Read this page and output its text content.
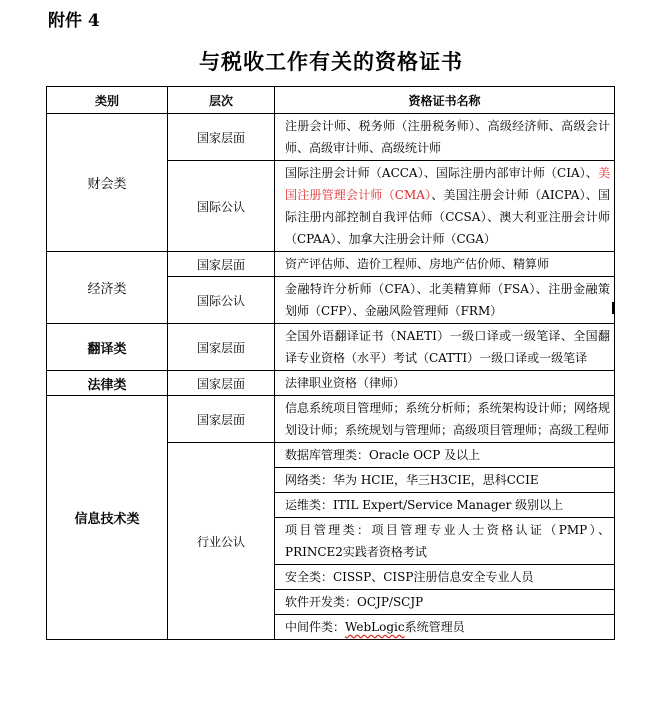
附件 4
与税收工作有关的资格证书
类别	层次	资格证书名称
财会类	国家层面	注册会计师、税务师（注册税务师）、高级经济师、高级会计师、高级审计师、高级统计师
	国际公认	国际注册会计师（ACCA）、国际注册内部审计师（CIA）、美国注册管理会计师（CMA）、美国注册会计师（AICPA）、国际注册内部控制自我评估师（CCSA）、澳大利亚注册会计师（CPAA）、加拿大注册会计师（CGA）
经济类	国家层面	资产评估师、造价工程师、房地产估价师、精算师
	国际公认	金融特许分析师（CFA）、北美精算师（FSA）、注册金融策划师（CFP）、金融风险管理师（FRM）
翻译类	国家层面	全国外语翻译证书（NAETI）一级口译或一级笔译、全国翻译专业资格（水平）考试（CATTI）一级口译或一级笔译
法律类	国家层面	法律职业资格（律师）
信息技术类	国家层面	信息系统项目管理师；系统分析师；系统架构设计师；网络规划设计师；系统规划与管理师；高级项目管理师；高级工程师
	行业公认	数据库管理类：Oracle OCP 及以上
		网络类：华为 HCIE，华三H3CIE，思科CCIE
		运维类：ITIL Expert/Service Manager 级别以上
		项目管理类：项目管理专业人士资格认证（PMP）、PRINCE2实践者资格考试
		安全类：CISSP、CISP注册信息安全专业人员
		软件开发类：OCJP/SCJP
		中间件类：WebLogic系统管理员
